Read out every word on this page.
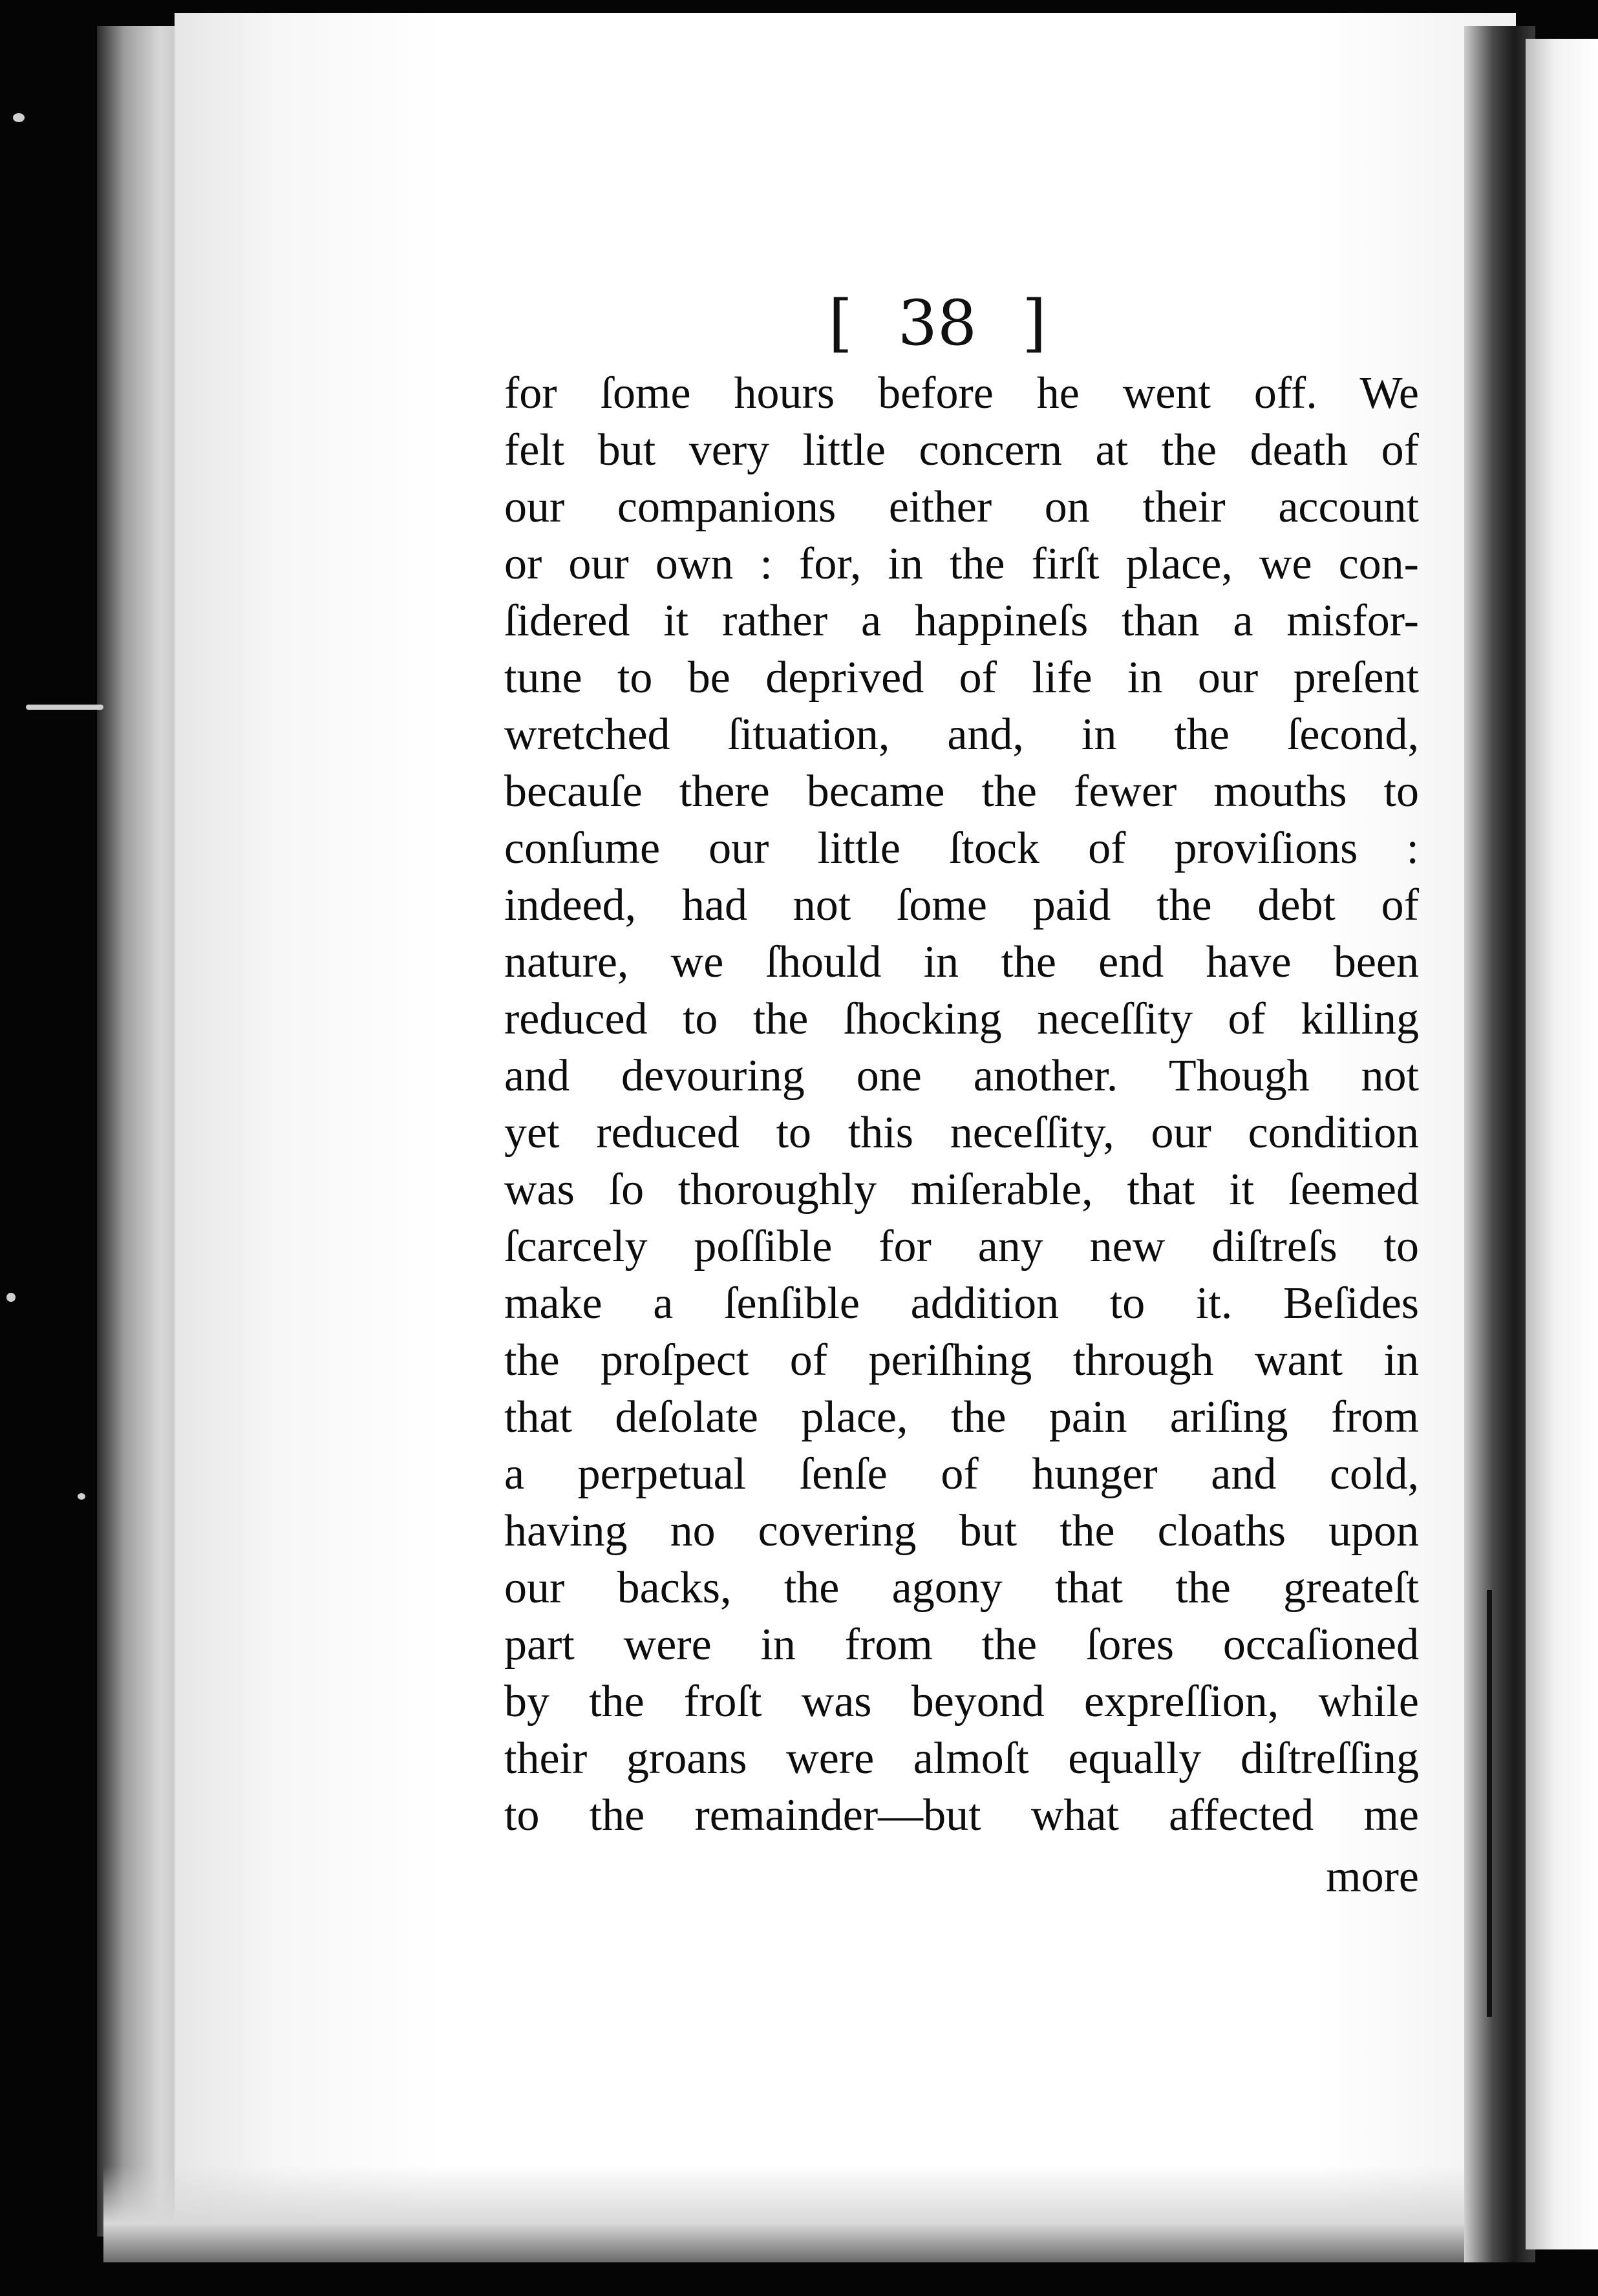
[ 38 ]
for ſome hours before he went off. We
felt but very little concern at the death of
our companions either on their account
or our own : for, in the firſt place, we con-
ſidered it rather a happineſs than a misfor-
tune to be deprived of life in our preſent
wretched ſituation, and, in the ſecond,
becauſe there became the fewer mouths to
conſume our little ſtock of proviſions :
indeed, had not ſome paid the debt of
nature, we ſhould in the end have been
reduced to the ſhocking neceſſity of killing
and devouring one another. Though not
yet reduced to this neceſſity, our condition
was ſo thoroughly miſerable, that it ſeemed
ſcarcely poſſible for any new diſtreſs to
make a ſenſible addition to it. Beſides
the proſpect of periſhing through want in
that deſolate place, the pain ariſing from
a perpetual ſenſe of hunger and cold,
having no covering but the cloaths upon
our backs, the agony that the greateſt
part were in from the ſores occaſioned
by the froſt was beyond expreſſion, while
their groans were almoſt equally diſtreſſing
to the remainder—but what affected me
more
